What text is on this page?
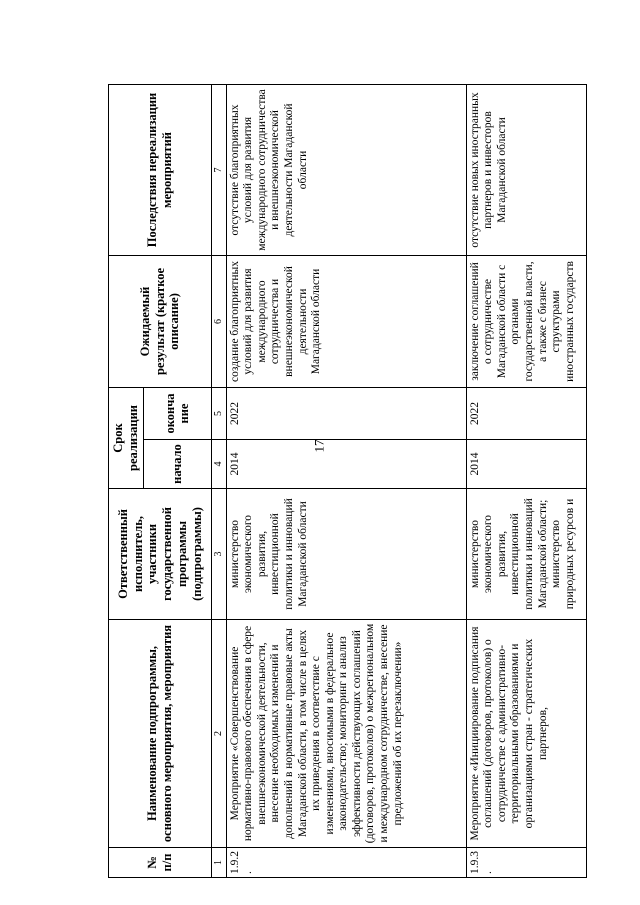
17
№ п/п	Наименование подпрограммы, основного мероприятия, мероприятия	Ответственный исполнитель, участники государственной программы (подпрограммы)	Срок реализации		Ожидаемый результат (краткое описание)	Последствия нереализации мероприятий
			начало	окончание		
1	2	3	4	5	6	7
1.9.2.	Мероприятие «Совершенствование нормативно-правового обеспечения в сфере внешнеэкономической деятельности, внесение необходимых изменений и дополнений в нормативные правовые акты Магаданской области, в том числе в целях их приведения в соответствие с изменениями, вносимыми в федеральное законодательство; мониторинг и анализ эффективности действующих соглашений (договоров, протоколов) о межрегиональном и международном сотрудничестве, внесение предложений об их перезаключении»	министерство экономического развития, инвестиционной политики и инноваций Магаданской области	2014	2022	создание благоприятных условий для развития международного сотрудничества и внешнеэкономической деятельности Магаданской области	отсутствие благоприятных условий для развития международного сотрудничества и внешнеэкономической деятельности Магаданской области
1.9.3.	Мероприятие «Инициирование подписания соглашений (договоров, протоколов) о сотрудничестве с административно-территориальными образованиями и организациями стран - стратегических партнеров,	министерство экономического развития, инвестиционной политики и инноваций Магаданской области; министерство природных ресурсов и	2014	2022	заключение соглашений о сотрудничестве Магаданской области с органами государственной власти, а также с бизнес структурами иностранных государств	отсутствие новых иностранных партнеров и инвесторов Магаданской области
